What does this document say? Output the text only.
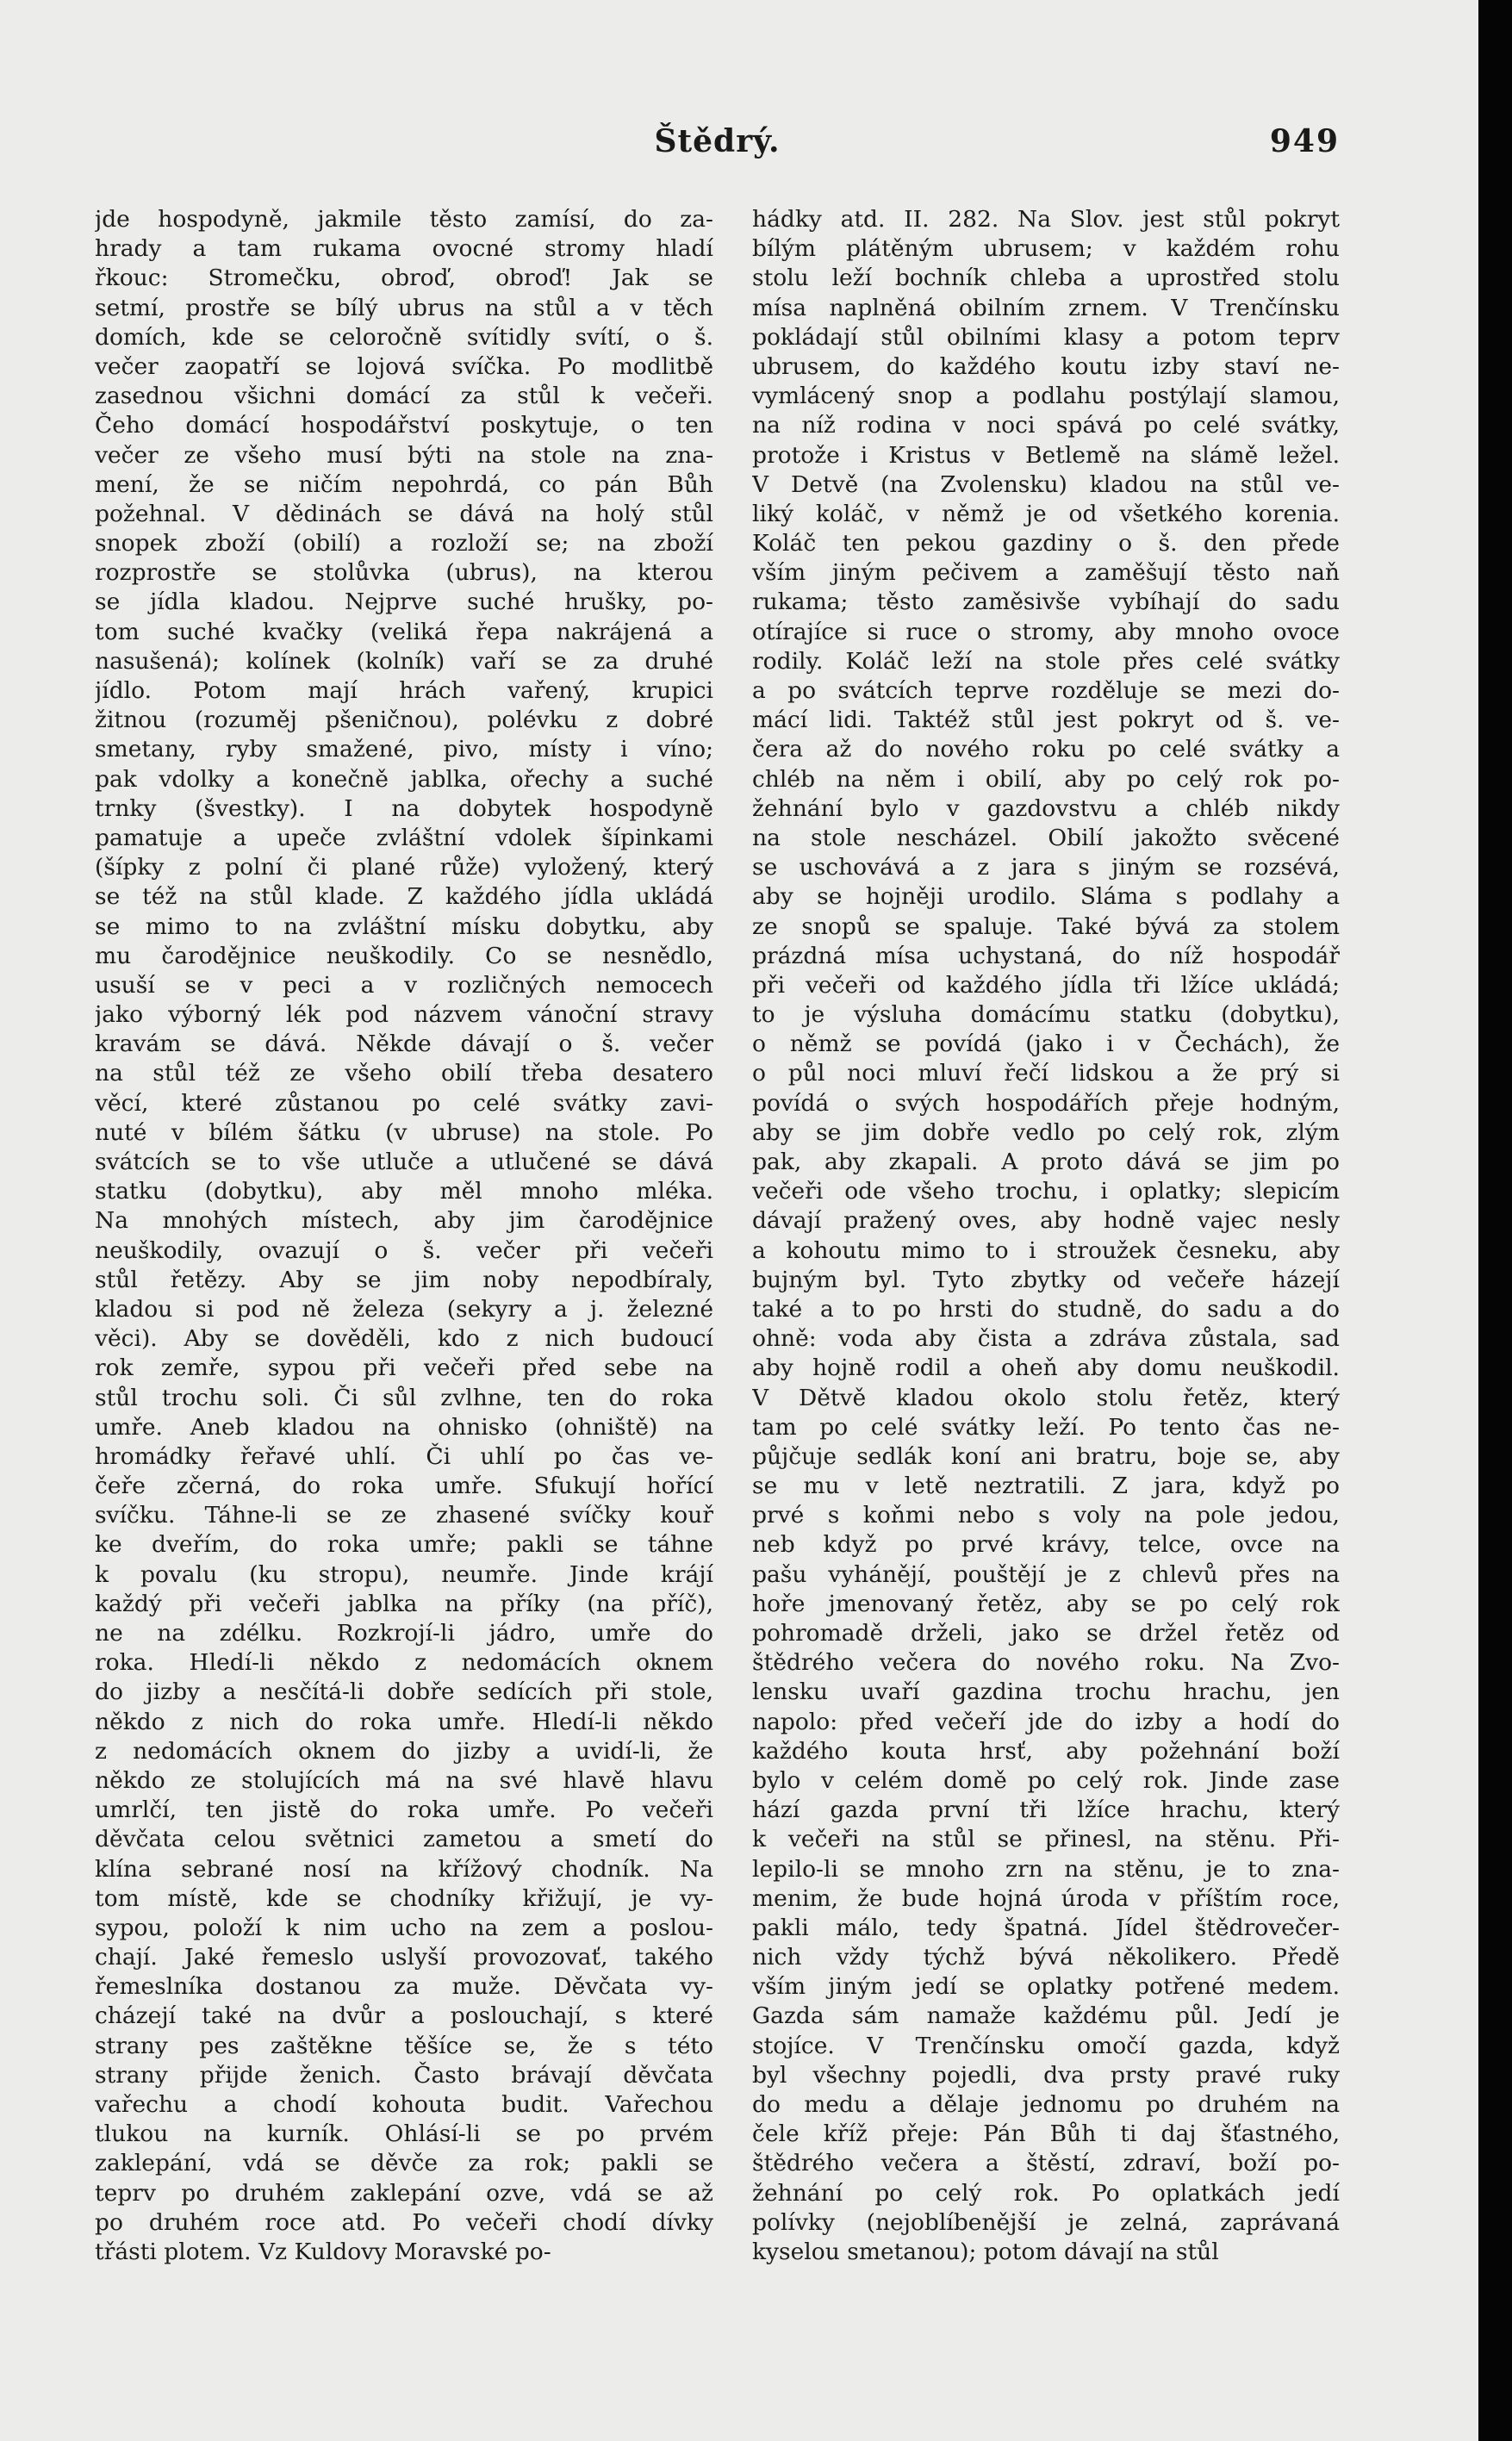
Štědrý.	949
jde hospodyně, jakmile těsto zamísí, do za-
hrady a tam rukama ovocné stromy hladí
řkouc: Stromečku, obroď, obroď! Jak se
setmí, prostře se bílý ubrus na stůl a v těch
domích, kde se celoročně svítidly svítí, o š.
večer zaopatří se lojová svíčka. Po modlitbě
zasednou všichni domácí za stůl k večeři.
Čeho domácí hospodářství poskytuje, o ten
večer ze všeho musí býti na stole na zna-
mení, že se ničím nepohrdá, co pán Bůh
požehnal. V dědinách se dává na holý stůl
snopek zboží (obilí) a rozloží se; na zboží
rozprostře se stolůvka (ubrus), na kterou
se jídla kladou. Nejprve suché hrušky, po-
tom suché kvačky (veliká řepa nakrájená a
nasušená); kolínek (kolník) vaří se za druhé
jídlo. Potom mají hrách vařený, krupici
žitnou (rozuměj pšeničnou), polévku z dobré
smetany, ryby smažené, pivo, místy i víno;
pak vdolky a konečně jablka, ořechy a suché
trnky (švestky). I na dobytek hospodyně
pamatuje a upeče zvláštní vdolek šípinkami
(šípky z polní či plané růže) vyložený, který
se též na stůl klade. Z každého jídla ukládá
se mimo to na zvláštní mísku dobytku, aby
mu čarodějnice neuškodily. Co se nesnědlo,
usuší se v peci a v rozličných nemocech
jako výborný lék pod názvem vánoční stravy
kravám se dává. Někde dávají o š. večer
na stůl též ze všeho obilí třeba desatero
věcí, které zůstanou po celé svátky zavi-
nuté v bílém šátku (v ubruse) na stole. Po
svátcích se to vše utluče a utlučené se dává
statku (dobytku), aby měl mnoho mléka.
Na mnohých místech, aby jim čarodějnice
neuškodily, ovazují o š. večer při večeři
stůl řetězy. Aby se jim noby nepodbíraly,
kladou si pod ně železa (sekyry a j. železné
věci). Aby se dověděli, kdo z nich budoucí
rok zemře, sypou při večeři před sebe na
stůl trochu soli. Či sůl zvlhne, ten do roka
umře. Aneb kladou na ohnisko (ohniště) na
hromádky řeřavé uhlí. Či uhlí po čas ve-
čeře zčerná, do roka umře. Sfukují hořící
svíčku. Táhne-li se ze zhasené svíčky kouř
ke dveřím, do roka umře; pakli se táhne
k povalu (ku stropu), neumře. Jinde krájí
každý při večeři jablka na příky (na příč),
ne na zdélku. Rozkrojí-li jádro, umře do
roka. Hledí-li někdo z nedomácích oknem
do jizby a nesčítá-li dobře sedících při stole,
někdo z nich do roka umře. Hledí-li někdo
z nedomácích oknem do jizby a uvidí-li, že
někdo ze stolujících má na své hlavě hlavu
umrlčí, ten jistě do roka umře. Po večeři
děvčata celou světnici zametou a smetí do
klína sebrané nosí na křížový chodník. Na
tom místě, kde se chodníky křižují, je vy-
sypou, položí k nim ucho na zem a poslou-
chají. Jaké řemeslo uslyší provozovať, takého
řemeslníka dostanou za muže. Děvčata vy-
cházejí také na dvůr a poslouchají, s které
strany pes zaštěkne těšíce se, že s této
strany přijde ženich. Často brávají děvčata
vařechu a chodí kohouta budit. Vařechou
tlukou na kurník. Ohlásí-li se po prvém
zaklepání, vdá se děvče za rok; pakli se
teprv po druhém zaklepání ozve, vdá se až
po druhém roce atd. Po večeři chodí dívky
třásti plotem. Vz Kuldovy Moravské po-
hádky atd. II. 282. Na Slov. jest stůl pokryt
bílým plátěným ubrusem; v každém rohu
stolu leží bochník chleba a uprostřed stolu
mísa naplněná obilním zrnem. V Trenčínsku
pokládají stůl obilními klasy a potom teprv
ubrusem, do každého koutu izby staví ne-
vymlácený snop a podlahu postýlají slamou,
na níž rodina v noci spává po celé svátky,
protože i Kristus v Betlemě na slámě ležel.
V Detvě (na Zvolensku) kladou na stůl ve-
liký koláč, v němž je od všetkého korenia.
Koláč ten pekou gazdiny o š. den přede
vším jiným pečivem a zaměšují těsto naň
rukama; těsto zaměsivše vybíhají do sadu
otírajíce si ruce o stromy, aby mnoho ovoce
rodily. Koláč leží na stole přes celé svátky
a po svátcích teprve rozděluje se mezi do-
mácí lidi. Taktéž stůl jest pokryt od š. ve-
čera až do nového roku po celé svátky a
chléb na něm i obilí, aby po celý rok po-
žehnání bylo v gazdovstvu a chléb nikdy
na stole nescházel. Obilí jakožto svěcené
se uschovává a z jara s jiným se rozsévá,
aby se hojněji urodilo. Sláma s podlahy a
ze snopů se spaluje. Také bývá za stolem
prázdná mísa uchystaná, do níž hospodář
při večeři od každého jídla tři lžíce ukládá;
to je výsluha domácímu statku (dobytku),
o němž se povídá (jako i v Čechách), že
o půl noci mluví řečí lidskou a že prý si
povídá o svých hospodářích přeje hodným,
aby se jim dobře vedlo po celý rok, zlým
pak, aby zkapali. A proto dává se jim po
večeři ode všeho trochu, i oplatky; slepicím
dávají pražený oves, aby hodně vajec nesly
a kohoutu mimo to i stroužek česneku, aby
bujným byl. Tyto zbytky od večeře házejí
také a to po hrsti do studně, do sadu a do
ohně: voda aby čista a zdráva zůstala, sad
aby hojně rodil a oheň aby domu neuškodil.
V Dětvě kladou okolo stolu řetěz, který
tam po celé svátky leží. Po tento čas ne-
půjčuje sedlák koní ani bratru, boje se, aby
se mu v letě neztratili. Z jara, když po
prvé s koňmi nebo s voly na pole jedou,
neb když po prvé krávy, telce, ovce na
pašu vyhánějí, pouštějí je z chlevů přes na
hoře jmenovaný řetěz, aby se po celý rok
pohromadě drželi, jako se držel řetěz od
štědrého večera do nového roku. Na Zvo-
lensku uvaří gazdina trochu hrachu, jen
napolo: před večeří jde do izby a hodí do
každého kouta hrsť, aby požehnání boží
bylo v celém domě po celý rok. Jinde zase
hází gazda první tři lžíce hrachu, který
k večeři na stůl se přinesl, na stěnu. Při-
lepilo-li se mnoho zrn na stěnu, je to zna-
menim, že bude hojná úroda v příštím roce,
pakli málo, tedy špatná. Jídel štědrovečer-
nich vždy týchž bývá několikero. Předě
vším jiným jedí se oplatky potřené medem.
Gazda sám namaže každému půl. Jedí je
stojíce. V Trenčínsku omočí gazda, když
byl všechny pojedli, dva prsty pravé ruky
do medu a dělaje jednomu po druhém na
čele kříž přeje: Pán Bůh ti daj šťastného,
štědrého večera a štěstí, zdraví, boží po-
žehnání po celý rok. Po oplatkách jedí
polívky (nejoblíbenější je zelná, zaprávaná
kyselou smetanou); potom dávají na stůl
